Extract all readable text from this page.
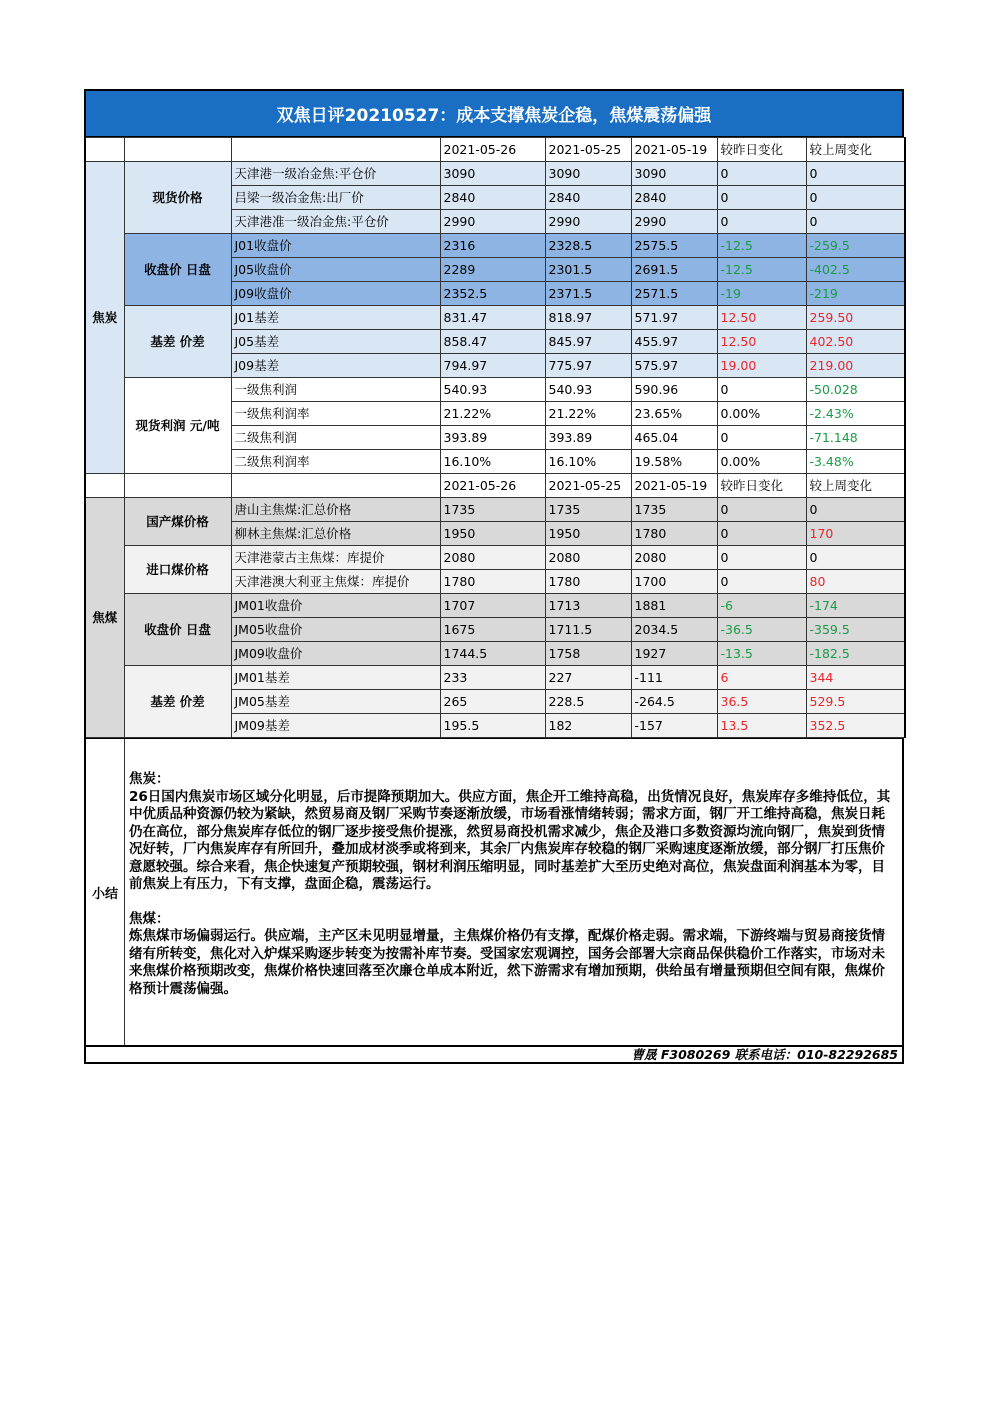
双焦日评20210527：成本支撑焦炭企稳，焦煤震荡偏强
			2021-05-26	2021-05-25	2021-05-19	较昨日变化	较上周变化
焦炭	现货价格	天津港一级冶金焦:平仓价	3090	3090	3090	0	0
		吕梁一级冶金焦:出厂价	2840	2840	2840	0	0
		天津港准一级冶金焦:平仓价	2990	2990	2990	0	0
	收盘价 日盘	J01收盘价	2316	2328.5	2575.5	-12.5	-259.5
		J05收盘价	2289	2301.5	2691.5	-12.5	-402.5
		J09收盘价	2352.5	2371.5	2571.5	-19	-219
	基差 价差	J01基差	831.47	818.97	571.97	12.50	259.50
		J05基差	858.47	845.97	455.97	12.50	402.50
		J09基差	794.97	775.97	575.97	19.00	219.00
	现货利润 元/吨	一级焦利润	540.93	540.93	590.96	0	-50.028
		一级焦利润率	21.22%	21.22%	23.65%	0.00%	-2.43%
		二级焦利润	393.89	393.89	465.04	0	-71.148
		二级焦利润率	16.10%	16.10%	19.58%	0.00%	-3.48%
			2021-05-26	2021-05-25	2021-05-19	较昨日变化	较上周变化
焦煤	国产煤价格	唐山主焦煤:汇总价格	1735	1735	1735	0	0
		柳林主焦煤:汇总价格	1950	1950	1780	0	170
	进口煤价格	天津港蒙古主焦煤：库提价	2080	2080	2080	0	0
		天津港澳大利亚主焦煤：库提价	1780	1780	1700	0	80
	收盘价 日盘	JM01收盘价	1707	1713	1881	-6	-174
		JM05收盘价	1675	1711.5	2034.5	-36.5	-359.5
		JM09收盘价	1744.5	1758	1927	-13.5	-182.5
	基差 价差	JM01基差	233	227	-111	6	344
		JM05基差	265	228.5	-264.5	36.5	529.5
		JM09基差	195.5	182	-157	13.5	352.5
小结

焦炭：

26日国内焦炭市场区域分化明显，后市提降预期加大。供应方面，焦企开工维持高稳，出货情况良好，焦炭库存多维持低位，其中优质品种资源仍较为紧缺，然贸易商及钢厂采购节奏逐渐放缓，市场看涨情绪转弱；需求方面，钢厂开工维持高稳，焦炭日耗仍在高位，部分焦炭库存低位的钢厂逐步接受焦价提涨，然贸易商投机需求减少，焦企及港口多数资源均流向钢厂，焦炭到货情况好转，厂内焦炭库存有所回升，叠加成材淡季或将到来，其余厂内焦炭库存较稳的钢厂采购速度逐渐放缓，部分钢厂打压焦价意愿较强。综合来看，焦企快速复产预期较强，钢材利润压缩明显，同时基差扩大至历史绝对高位，焦炭盘面利润基本为零，目前焦炭上有压力，下有支撑，盘面企稳，震荡运行。

焦煤：

炼焦煤市场偏弱运行。供应端，主产区未见明显增量，主焦煤价格仍有支撑，配煤价格走弱。需求端，下游终端与贸易商接货情绪有所转变，焦化对入炉煤采购逐步转变为按需补库节奏。受国家宏观调控，国务会部署大宗商品保供稳价工作落实，市场对未来焦煤价格预期改变，焦煤价格快速回落至次廉仓单成本附近，然下游需求有增加预期，供给虽有增量预期但空间有限，焦煤价格预计震荡偏强。

曹晟 F3080269 联系电话：010-82292685
